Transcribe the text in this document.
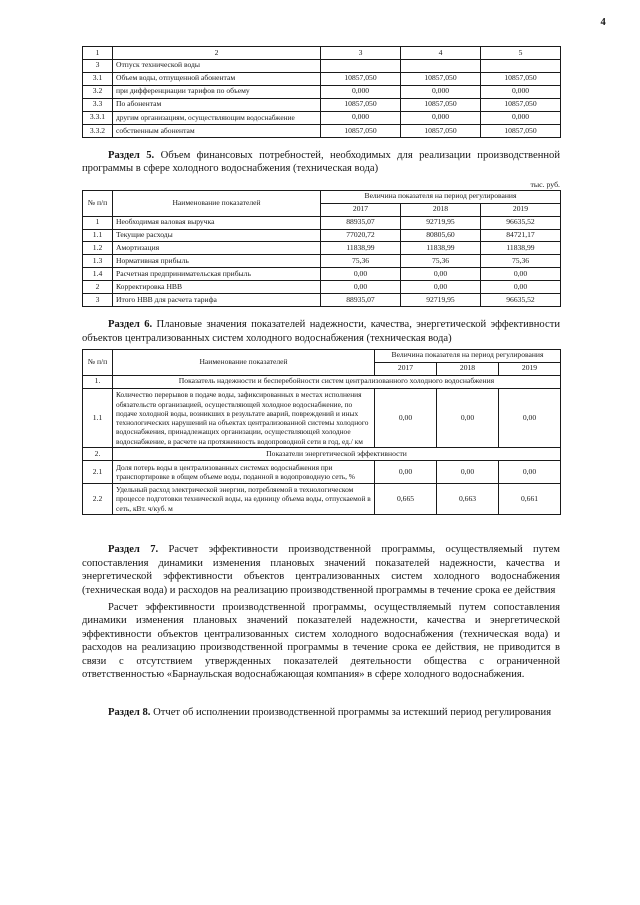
4
1	2	3	4	5
3	Отпуск технической воды			
3.1	Объем воды, отпущенной абонентам	10857,050	10857,050	10857,050
3.2	при дифференциации тарифов по объему	0,000	0,000	0,000
3.3	По абонентам	10857,050	10857,050	10857,050
3.3.1	другим организациям, осуществляющим водоснабжение	0,000	0,000	0,000
3.3.2	собственным абонентам	10857,050	10857,050	10857,050
Раздел 5. Объем финансовых потребностей, необходимых для реализации производственной программы в сфере холодного водоснабжения (техническая вода)
тыс. руб.
№ п/п	Наименование показателей	Величина показателя на период регулирования		
		2017	2018	2019
1	Необходимая валовая выручка	88935,07	92719,95	96635,52
1.1	Текущие расходы	77020,72	80805,60	84721,17
1.2	Амортизация	11838,99	11838,99	11838,99
1.3	Нормативная прибыль	75,36	75,36	75,36
1.4	Расчетная предпринимательская прибыль	0,00	0,00	0,00
2	Корректировка НВВ	0,00	0,00	0,00
3	Итого НВВ для расчета тарифа	88935,07	92719,95	96635,52
Раздел 6. Плановые значения показателей надежности, качества, энергетической эффективности объектов централизованных систем холодного водоснабжения (техническая вода)
№ п/п	Наименование показателей	Величина показателя на период регулирования		
		2017	2018	2019
1.	Показатель надежности и бесперебойности систем централизованного холодного водоснабжения			
1.1	Количество перерывов в подаче воды, зафиксированных в местах исполнения обязательств организацией, осуществляющей холодное водоснабжение, по подаче холодной воды, возникших в результате аварий, повреждений и иных технологических нарушений на объектах централизованной системы холодного водоснабжения, принадлежащих организации, осуществляющей холодное водоснабжение, в расчете на протяженность водопроводной сети в год, ед./ км	0,00	0,00	0,00
2.	Показатели энергетической эффективности			
2.1	Доля потерь воды в централизованных системах водоснабжения при транспортировке в общем объеме воды, поданной в водопроводную сеть, %	0,00	0,00	0,00
2.2	Удельный расход электрической энергии, потребляемой в технологическом процессе подготовки технической воды, на единицу объема воды, отпускаемой в сеть, кВт. ч/куб. м	0,665	0,663	0,661
Раздел 7. Расчет эффективности производственной программы, осуществляемый путем сопоставления динамики изменения плановых значений показателей надежности, качества и энергетической эффективности объектов централизованных систем холодного водоснабжения (техническая вода) и расходов на реализацию производственной программы в течение срока ее действия

Расчет эффективности производственной программы, осуществляемый путем сопоставления динамики изменения плановых значений показателей надежности, качества и энергетической эффективности объектов централизованных систем холодного водоснабжения (техническая вода) и расходов на реализацию производственной программы в течение срока ее действия, не приводится в связи с отсутствием утвержденных показателей деятельности общества с ограниченной ответственностью «Барнаульская водоснабжающая компания» в сфере холодного водоснабжения.

Раздел 8. Отчет об исполнении производственной программы за истекший период регулирования
